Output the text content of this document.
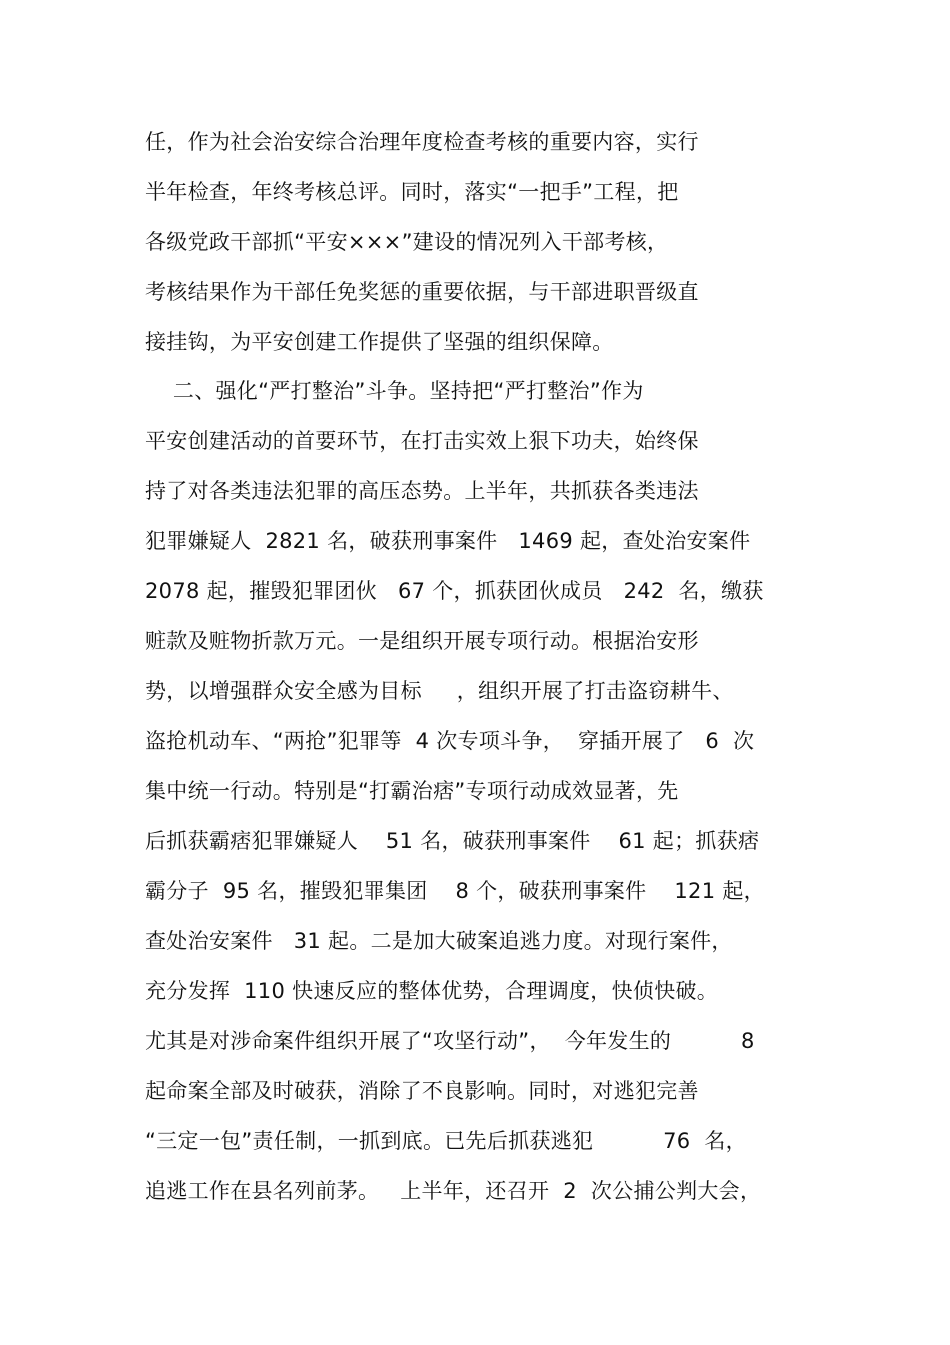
任，作为社会治安综合治理年度检查考核的重要内容，实行
半年检查，年终考核总评。同时，落实“一把手”工程，把
各级党政干部抓“平安×××”建设的情况列入干部考核，
考核结果作为干部任免奖惩的重要依据，与干部进职晋级直
接挂钩，为平安创建工作提供了坚强的组织保障。
二、强化“严打整治”斗争。坚持把“严打整治”作为
平安创建活动的首要环节，在打击实效上狠下功夫，始终保
持了对各类违法犯罪的高压态势。上半年，共抓获各类违法
犯罪嫌疑人  2821 名，破获刑事案件   1469 起，查处治安案件
2078 起，摧毁犯罪团伙   67 个，抓获团伙成员   242  名，缴获
赃款及赃物折款万元。一是组织开展专项行动。根据治安形
势，以增强群众安全感为目标     ，组织开展了打击盗窃耕牛、
盗抢机动车、“两抢”犯罪等  4 次专项斗争，  穿插开展了   6  次
集中统一行动。特别是“打霸治痞”专项行动成效显著，先
后抓获霸痞犯罪嫌疑人    51 名，破获刑事案件    61 起；抓获痞
霸分子  95 名，摧毁犯罪集团    8 个，破获刑事案件    121 起，
查处治安案件   31 起。二是加大破案追逃力度。对现行案件，
充分发挥  110 快速反应的整体优势，合理调度，快侦快破。
尤其是对涉命案件组织开展了“攻坚行动”，  今年发生的          8
起命案全部及时破获，消除了不良影响。同时，对逃犯完善
“三定一包”责任制，一抓到底。已先后抓获逃犯          76  名，
追逃工作在县名列前茅。   上半年，还召开  2  次公捕公判大会，
